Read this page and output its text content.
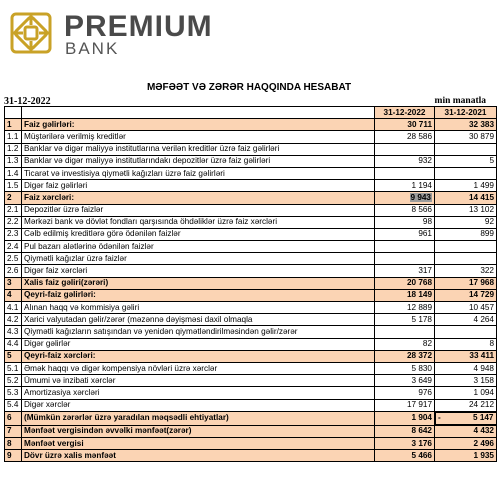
PREMIUM
BANK
MƏFƏƏT VƏ ZƏRƏR HAQQINDA HESABAT
31-12-2022	min manatla
		31-12-2022	31-12-2021
1	Faiz gəlirləri:	30 711	32 383
1.1	Müştərilərə verilmiş kreditlər	28 586	30 879
1.2	Banklar və digər maliyyə institutlarına verilən kreditlər üzrə faiz gəlirləri		
1.3	Banklar və digər maliyyə institutlarındakı depozitlər üzrə faiz gəlirləri	932	5
1.4	Ticarət və investisiya qiymətli kağızları üzrə faiz gəlirləri		
1.5	Digər faiz gəlirləri	1 194	1 499
2	Faiz xərcləri:	9 943	14 415
2.1	Depozitlər üzrə faizlər	8 566	13 102
2.2	Mərkəzi bank və dövlət fondları qarşısında öhdəliklər üzrə faiz xərcləri	98	92
2.3	Cəlb edilmiş kreditlərə görə ödənilən faizlər	961	899
2.4	Pul bazarı alətlərinə ödənilən faizlər		
2.5	Qiymətli kağızlar üzrə faizlər		
2.6	Digər faiz xərcləri	317	322
3	Xalis faiz gəliri(zərəri)	20 768	17 968
4	Qeyri-faiz gəlirləri:	18 149	14 729
4.1	Alınan haqq və kommisiya gəliri	12 889	10 457
4.2	Xarici valyutadan gəlir/zərər (məzənnə dəyişməsi daxil olmaqla	5 178	4 264
4.3	Qiymətli kağızların satışından və yenidən qiymətləndirilməsindən gəlir/zərər		
4.4	Digər gəlirlər	82	8
5	Qeyri-faiz xərcləri:	28 372	33 411
5.1	Əmək haqqı və digər kompensiya növləri üzrə xərclər	5 830	4 948
5.2	Ümumi və inzibati xərclər	3 649	3 158
5.3	Amortizasiya xərcləri	976	1 094
5.4	Digər xərclər	17 917	24 212
6	(Mümkün zərərlər üzrə yaradılan məqsədli ehtiyatlar)	1 904	-	5 147

7	Mənfəət vergisindən əvvəlki mənfəət(zərər)	8 642	4 432
8	Mənfəət vergisi	3 176	2 496
9	Dövr üzrə xalis mənfəət	5 466	1 935
